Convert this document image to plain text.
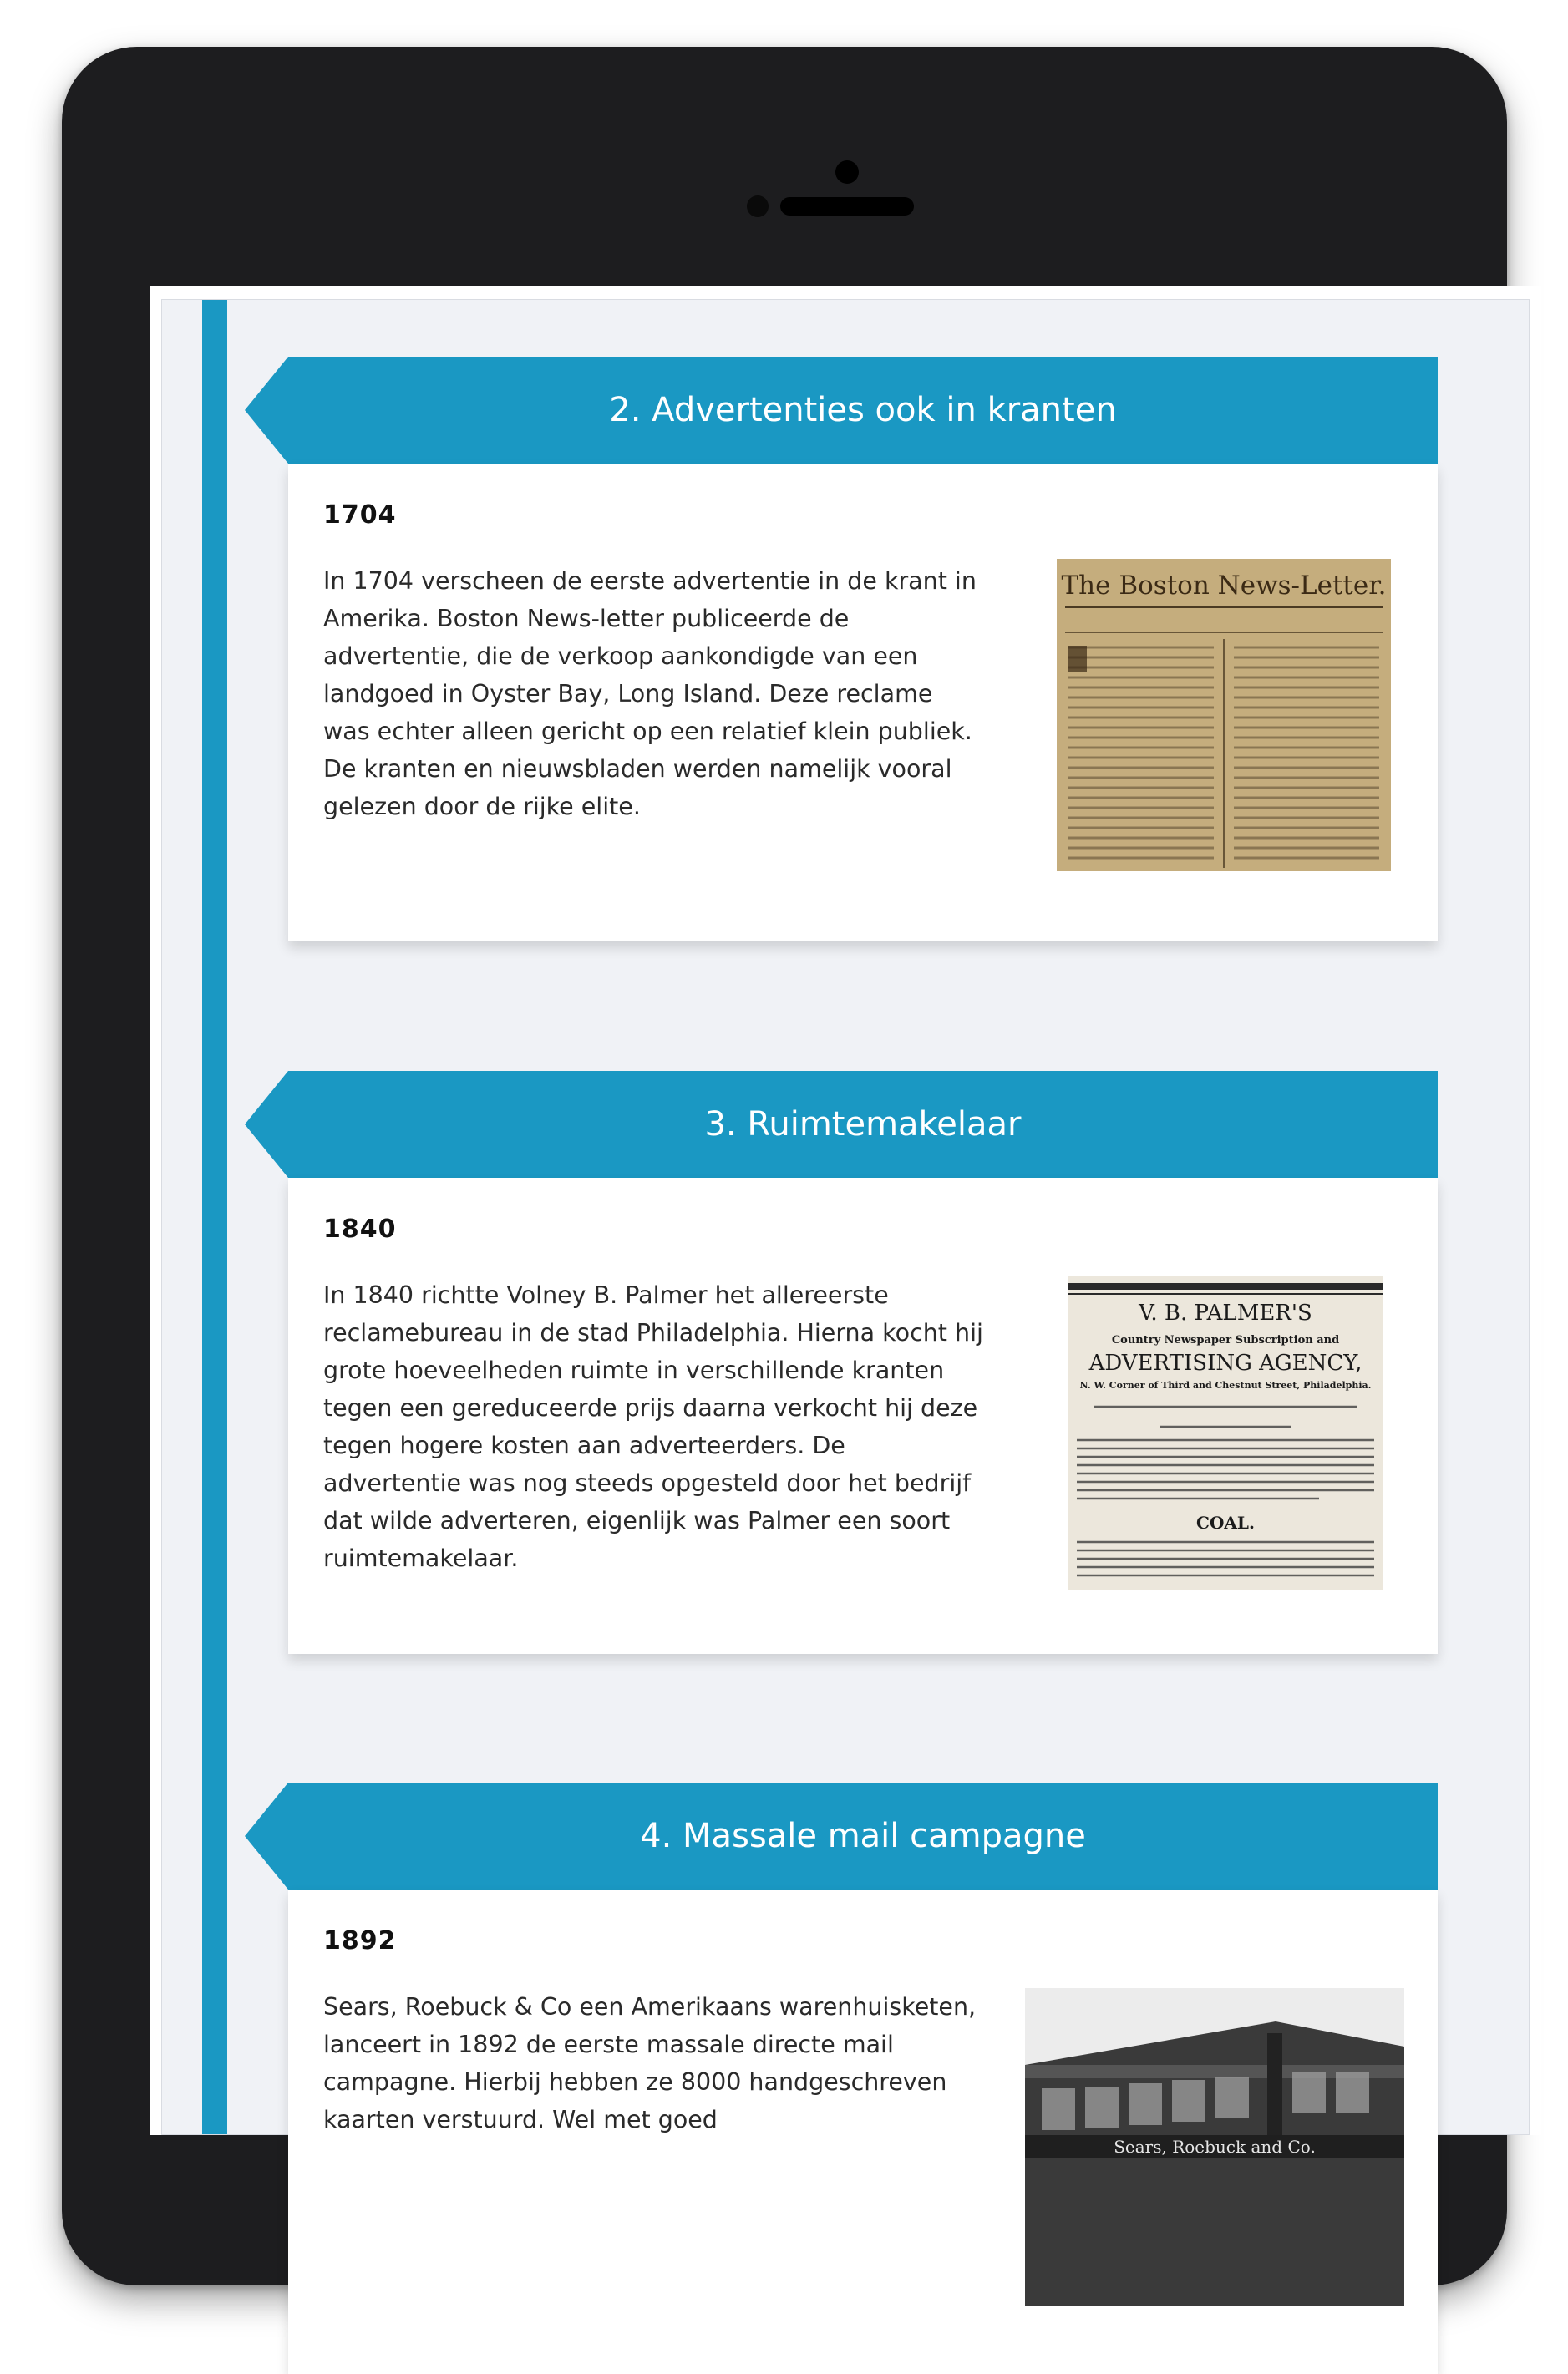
2. Advertenties ook in kranten
1704
In 1704 verscheen de eerste advertentie in de krant in Amerika. Boston News-letter publiceerde de advertentie, die de verkoop aankondigde van een landgoed in Oyster Bay, Long Island. Deze reclame was echter alleen gericht op een relatief klein publiek. De kranten en nieuwsbladen werden namelijk vooral gelezen door de rijke elite.
The Boston News-Letter.
3. Ruimtemakelaar
1840
In 1840 richtte Volney B. Palmer het allereerste reclamebureau in de stad Philadelphia. Hierna kocht hij grote hoeveelheden ruimte in verschillende kranten tegen een gereduceerde prijs daarna verkocht hij deze tegen hogere kosten aan adverteerders. De advertentie was nog steeds opgesteld door het bedrijf dat wilde adverteren, eigenlijk was Palmer een soort ruimtemakelaar.
V. B. PALMER'S
Country Newspaper Subscription and
ADVERTISING AGENCY,
N. W. Corner of Third and Chestnut Street, Philadelphia.
COAL.
4. Massale mail campagne
1892
Sears, Roebuck & Co een Amerikaans warenhuisketen, lanceert in 1892 de eerste massale directe mail campagne. Hierbij hebben ze 8000 handgeschreven kaarten verstuurd. Wel met goed
Sears, Roebuck and Co.
